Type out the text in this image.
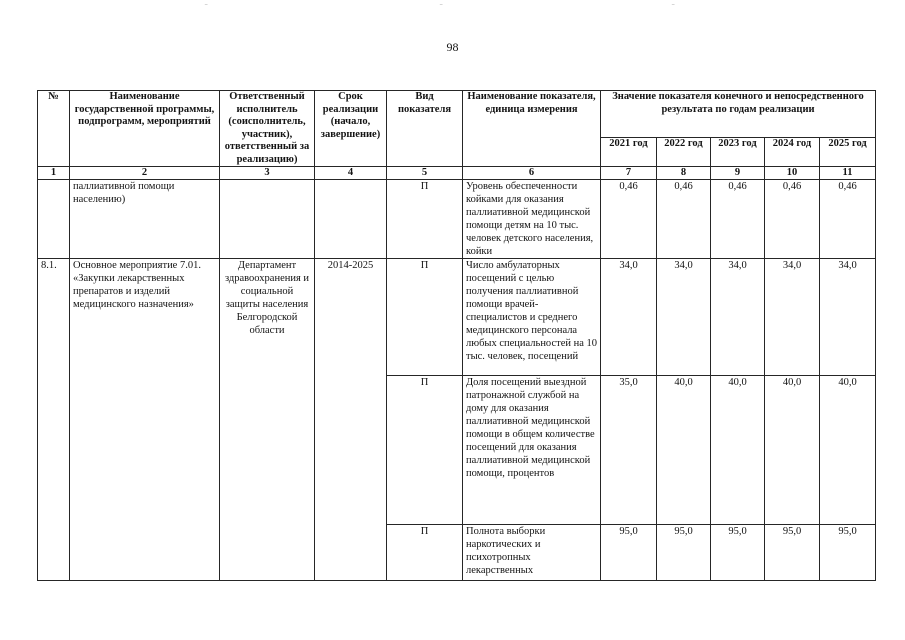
‾	‾	‾
98
№	Наименование государственной программы, подпрограмм, мероприятий	Ответственный исполнитель (соисполнитель, участник), ответственный за реализацию)	Срок реализации (начало, завершение)	Вид показателя	Наименование показателя, единица измерения	Значение показателя конечного и непосредственного результата по годам реализации				
						2021 год	2022 год	2023 год	2024 год	2025 год
1	2	3	4	5	6	7	8	9	10	11
	паллиативной помощи населению)			П	Уровень обеспеченности койками для оказания паллиативной медицинской помощи детям на 10 тыс. человек детского населения, койки	0,46	0,46	0,46	0,46	0,46
8.1.	Основное мероприятие 7.01. «Закупки лекарственных препаратов и изделий медицинского назначения»	Департамент здравоохранения и социальной защиты населения Белгородской области	2014-2025	П	Число амбулаторных посещений с целью получения паллиативной помощи врачей-специалистов и среднего медицинского персонала любых специальностей на 10 тыс. человек, посещений	34,0	34,0	34,0	34,0	34,0
				П	Доля посещений выездной патронажной службой на дому для оказания паллиативной медицинской помощи в общем количестве посещений для оказания паллиативной медицинской помощи, процентов	35,0	40,0	40,0	40,0	40,0
				П	Полнота выборки наркотических и психотропных лекарственных	95,0	95,0	95,0	95,0	95,0
